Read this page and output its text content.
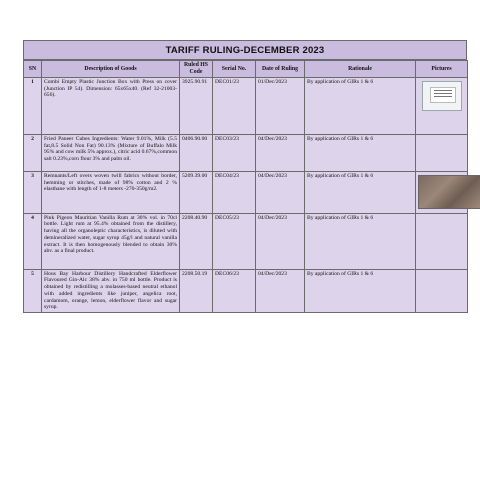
TARIFF RULING-DECEMBER 2023
SN	Description of Goods	Ruled HS Code	Serial No.	Date of Ruling	Rationale	Pictures
1	Combi Empty Plastic Junction Box with Press on cover (Junction IP 54). Dimension: 65x65x40. (Ref 32-21003-656).	3925.90.91	DEC01/23	01/Dec/2023	By application of GIRs 1 & 6	

2	Fried Paneer Cubes Ingredients: Water 9.01%, Milk (5.5 fat,8.5 Solid Non Fat) 90.13% (Mixture of Buffalo Milk 95% and cow milk 5% approx.), citric acid 0.67%,common salt 0.23%,corn flour 3% and palm oil.	0406.90.00	DEC03/23	04/Dec/2023	By application of GIRs 1 & 6	
3	Remnants/Left overs woven twill fabrics without border, hemming or stitches, made of 98% cotton and 2 % elasthane with length of 1-8 meters -270-350g/m2.	5209.39.00	DEC04/23	04/Dec/2023	By application of GIRs 1 & 6	
4	Pink Pigeon Mauritian Vanilla Rum at 30% vol. in 70cl bottle. Light rum at 95.4% obtained from the distillery, having all the organoleptic characteristics, is diluted with demineralized water, sugar syrup 45g/l and natural vanilla extract. It is then homogenously blended to obtain 30% abv. as a final product.	2208.40.90	DEC05/23	04/Dec/2023	By application of GIRs 1 & 6	
5	Hous Bay Harbour Distillery Handcrafted Elderflower Flavoured Gin-Alc 38% abv. in 750 ml bottle. Product is obtained by redistilling a molasses-based neutral ethanol with added ingredients like juniper, angelica root, cardamom, orange, lemon, elderflower flavor and sugar syrup.	2208.50.19	DEC06/23	04/Dec/2023	By application of GIRs 1 & 6	
